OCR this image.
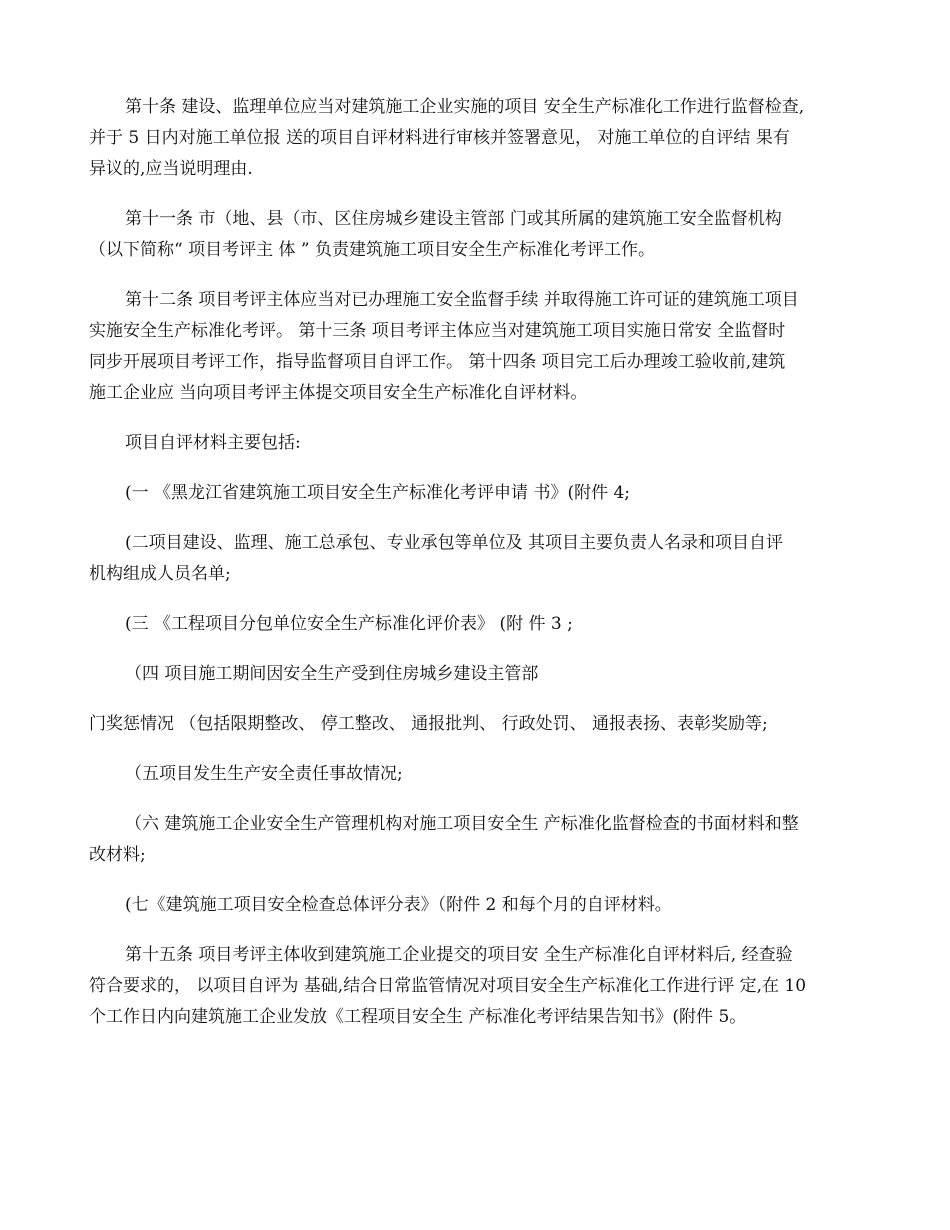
第十条 建设、监理单位应当对建筑施工企业实施的项目 安全生产标准化工作进行监督检查,
并于 5 日内对施工单位报 送的项目自评材料进行审核并签署意见， 对施工单位的自评结 果有
异议的,应当说明理由.

第十一条 市（地、县（市、区住房城乡建设主管部 门或其所属的建筑施工安全监督机构
（以下简称“ 项目考评主 体 ” 负责建筑施工项目安全生产标准化考评工作。

第十二条 项目考评主体应当对已办理施工安全监督手续 并取得施工许可证的建筑施工项目
实施安全生产标准化考评。 第十三条 项目考评主体应当对建筑施工项目实施日常安 全监督时
同步开展项目考评工作，指导监督项目自评工作。 第十四条 项目完工后办理竣工验收前,建筑
施工企业应 当向项目考评主体提交项目安全生产标准化自评材料。

项目自评材料主要包括:

(一 《黑龙江省建筑施工项目安全生产标准化考评申请 书》(附件 4;

(二项目建设、监理、施工总承包、专业承包等单位及 其项目主要负责人名录和项目自评
机构组成人员名单;

(三 《工程项目分包单位安全生产标准化评价表》 (附 件 3 ;

（四 项目施工期间因安全生产受到住房城乡建设主管部

门奖惩情况 （包括限期整改、 停工整改、 通报批判、 行政处罚、 通报表扬、表彰奖励等;

（五项目发生生产安全责任事故情况;

（六 建筑施工企业安全生产管理机构对施工项目安全生 产标准化监督检查的书面材料和整
改材料;

(七《建筑施工项目安全检查总体评分表》（附件 2 和每个月的自评材料。

第十五条 项目考评主体收到建筑施工企业提交的项目安 全生产标准化自评材料后, 经查验
符合要求的， 以项目自评为 基础,结合日常监管情况对项目安全生产标准化工作进行评 定,在 10
个工作日内向建筑施工企业发放《工程项目安全生 产标准化考评结果告知书》(附件 5。
